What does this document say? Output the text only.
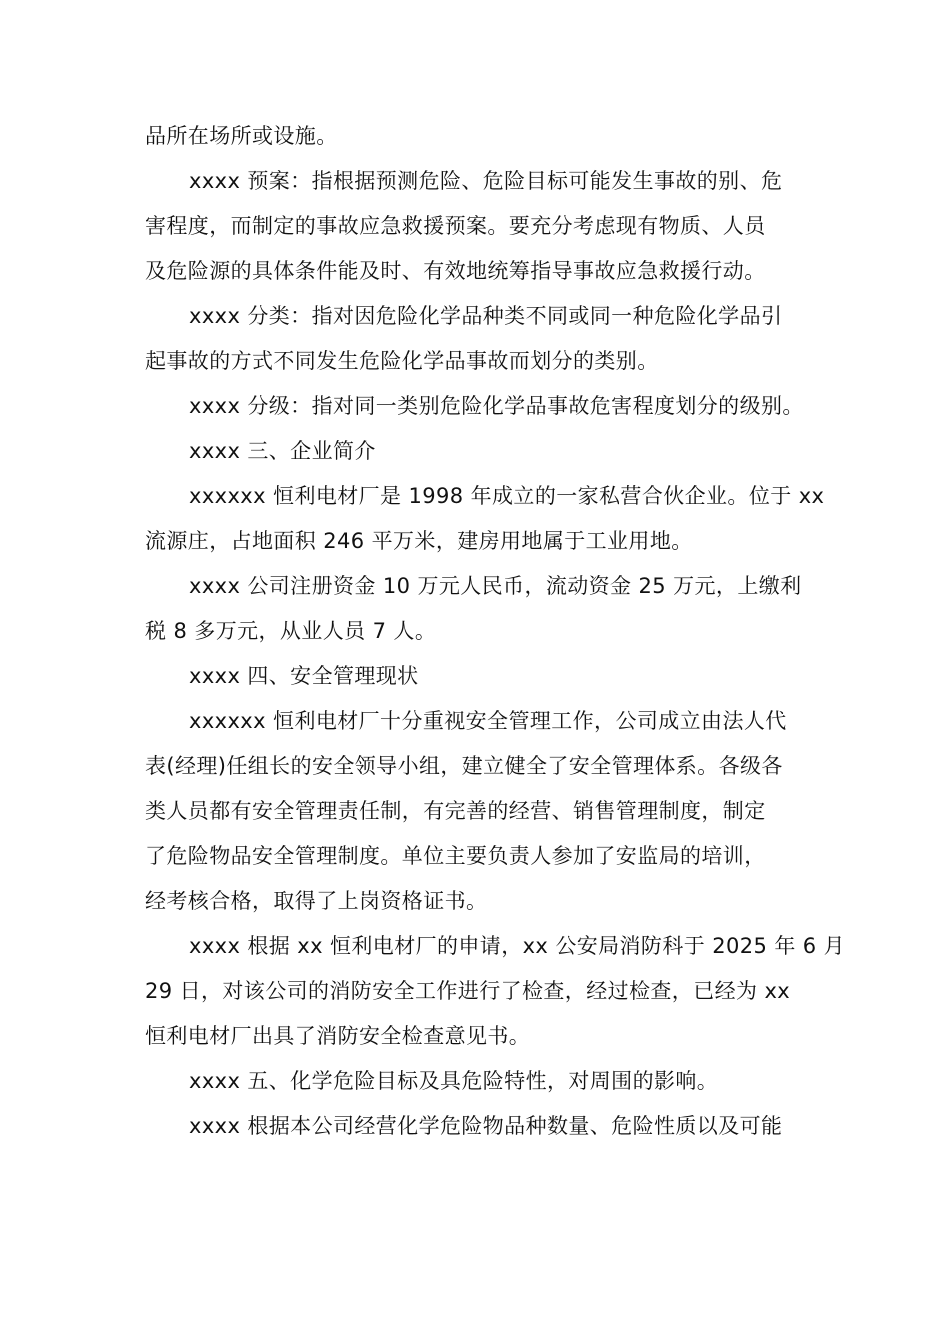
品所在场所或设施。
xxxx 预案：指根据预测危险、危险目标可能发生事故的别、危
害程度，而制定的事故应急救援预案。要充分考虑现有物质、人员
及危险源的具体条件能及时、有效地统筹指导事故应急救援行动。
xxxx 分类：指对因危险化学品种类不同或同一种危险化学品引
起事故的方式不同发生危险化学品事故而划分的类别。
xxxx 分级：指对同一类别危险化学品事故危害程度划分的级别。
xxxx 三、企业简介
xxxxxx 恒利电材厂是 1998 年成立的一家私营合伙企业。位于 xx
流源庄，占地面积 246 平万米，建房用地属于工业用地。
xxxx 公司注册资金 10 万元人民币，流动资金 25 万元，上缴利
税 8 多万元，从业人员 7 人。
xxxx 四、安全管理现状
xxxxxx 恒利电材厂十分重视安全管理工作，公司成立由法人代
表(经理)任组长的安全领导小组，建立健全了安全管理体系。各级各
类人员都有安全管理责任制，有完善的经营、销售管理制度，制定
了危险物品安全管理制度。单位主要负责人参加了安监局的培训，
经考核合格，取得了上岗资格证书。
xxxx 根据 xx 恒利电材厂的申请，xx 公安局消防科于 2025 年 6 月
29 日，对该公司的消防安全工作进行了检查，经过检查，已经为 xx
恒利电材厂出具了消防安全检查意见书。
xxxx 五、化学危险目标及具危险特性，对周围的影响。
xxxx 根据本公司经营化学危险物品种数量、危险性质以及可能
